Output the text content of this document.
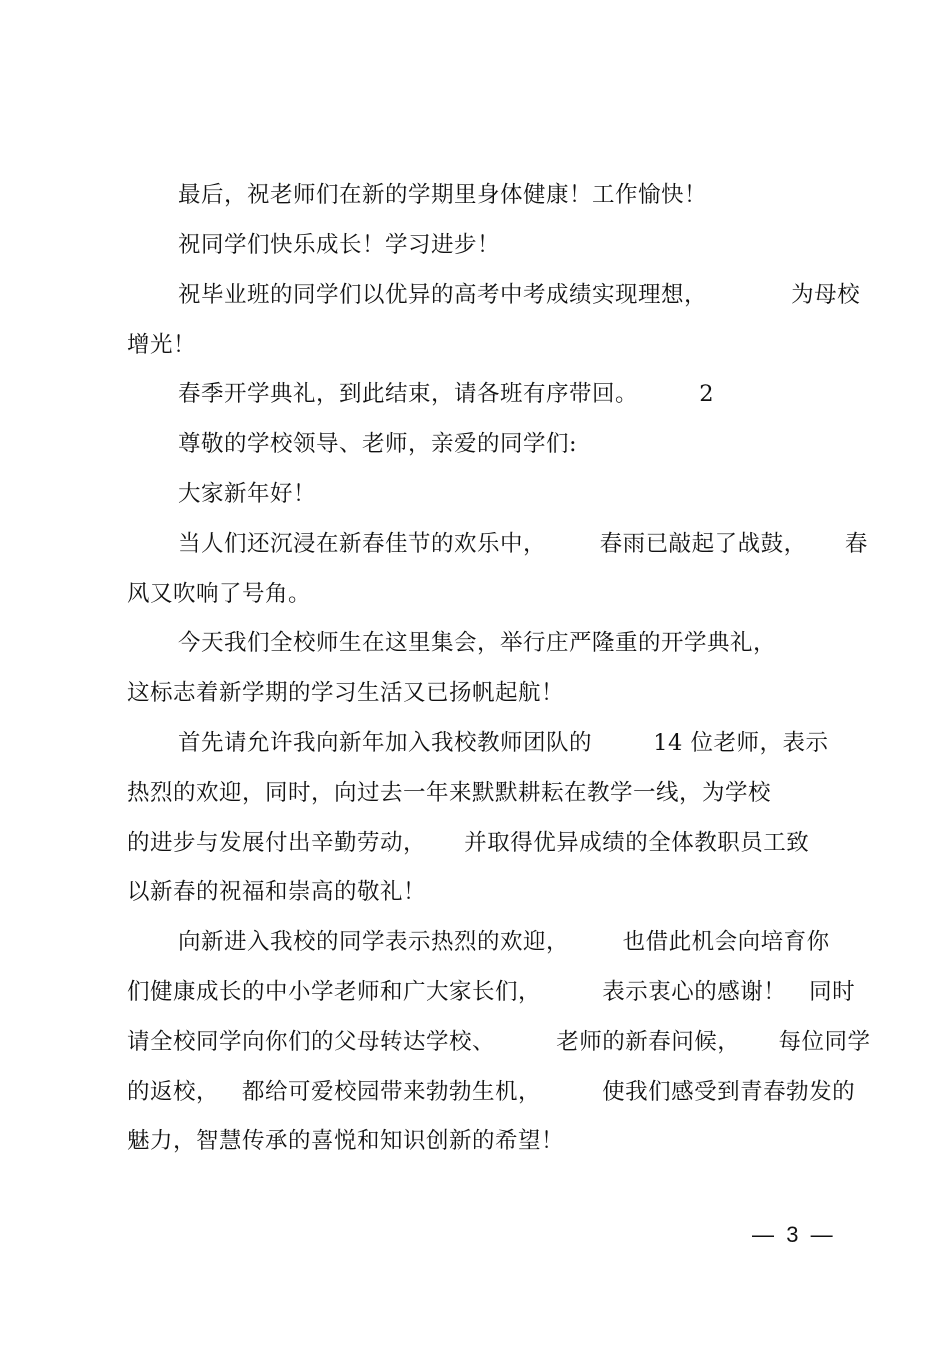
最后，祝老师们在新的学期里身体健康！工作愉快！
祝同学们快乐成长！学习进步！
祝毕业班的同学们以优异的高考中考成绩实现理想，           为母校
增光！
春季开学典礼，到此结束，请各班有序带回。        2
尊敬的学校领导、老师，亲爱的同学们:
大家新年好！
当人们还沉浸在新春佳节的欢乐中，       春雨已敲起了战鼓，     春
风又吹响了号角。
今天我们全校师生在这里集会，举行庄严隆重的开学典礼，
这标志着新学期的学习生活又已扬帆起航！
首先请允许我向新年加入我校教师团队的        14 位老师，表示
热烈的欢迎，同时，向过去一年来默默耕耘在教学一线，为学校
的进步与发展付出辛勤劳动，     并取得优异成绩的全体教职员工致
以新春的祝福和崇高的敬礼！
向新进入我校的同学表示热烈的欢迎，       也借此机会向培育你
们健康成长的中小学老师和广大家长们，        表示衷心的感谢！   同时
请全校同学向你们的父母转达学校、        老师的新春问候，     每位同学
的返校，   都给可爱校园带来勃勃生机，        使我们感受到青春勃发的
魅力，智慧传承的喜悦和知识创新的希望！
—  3  —
